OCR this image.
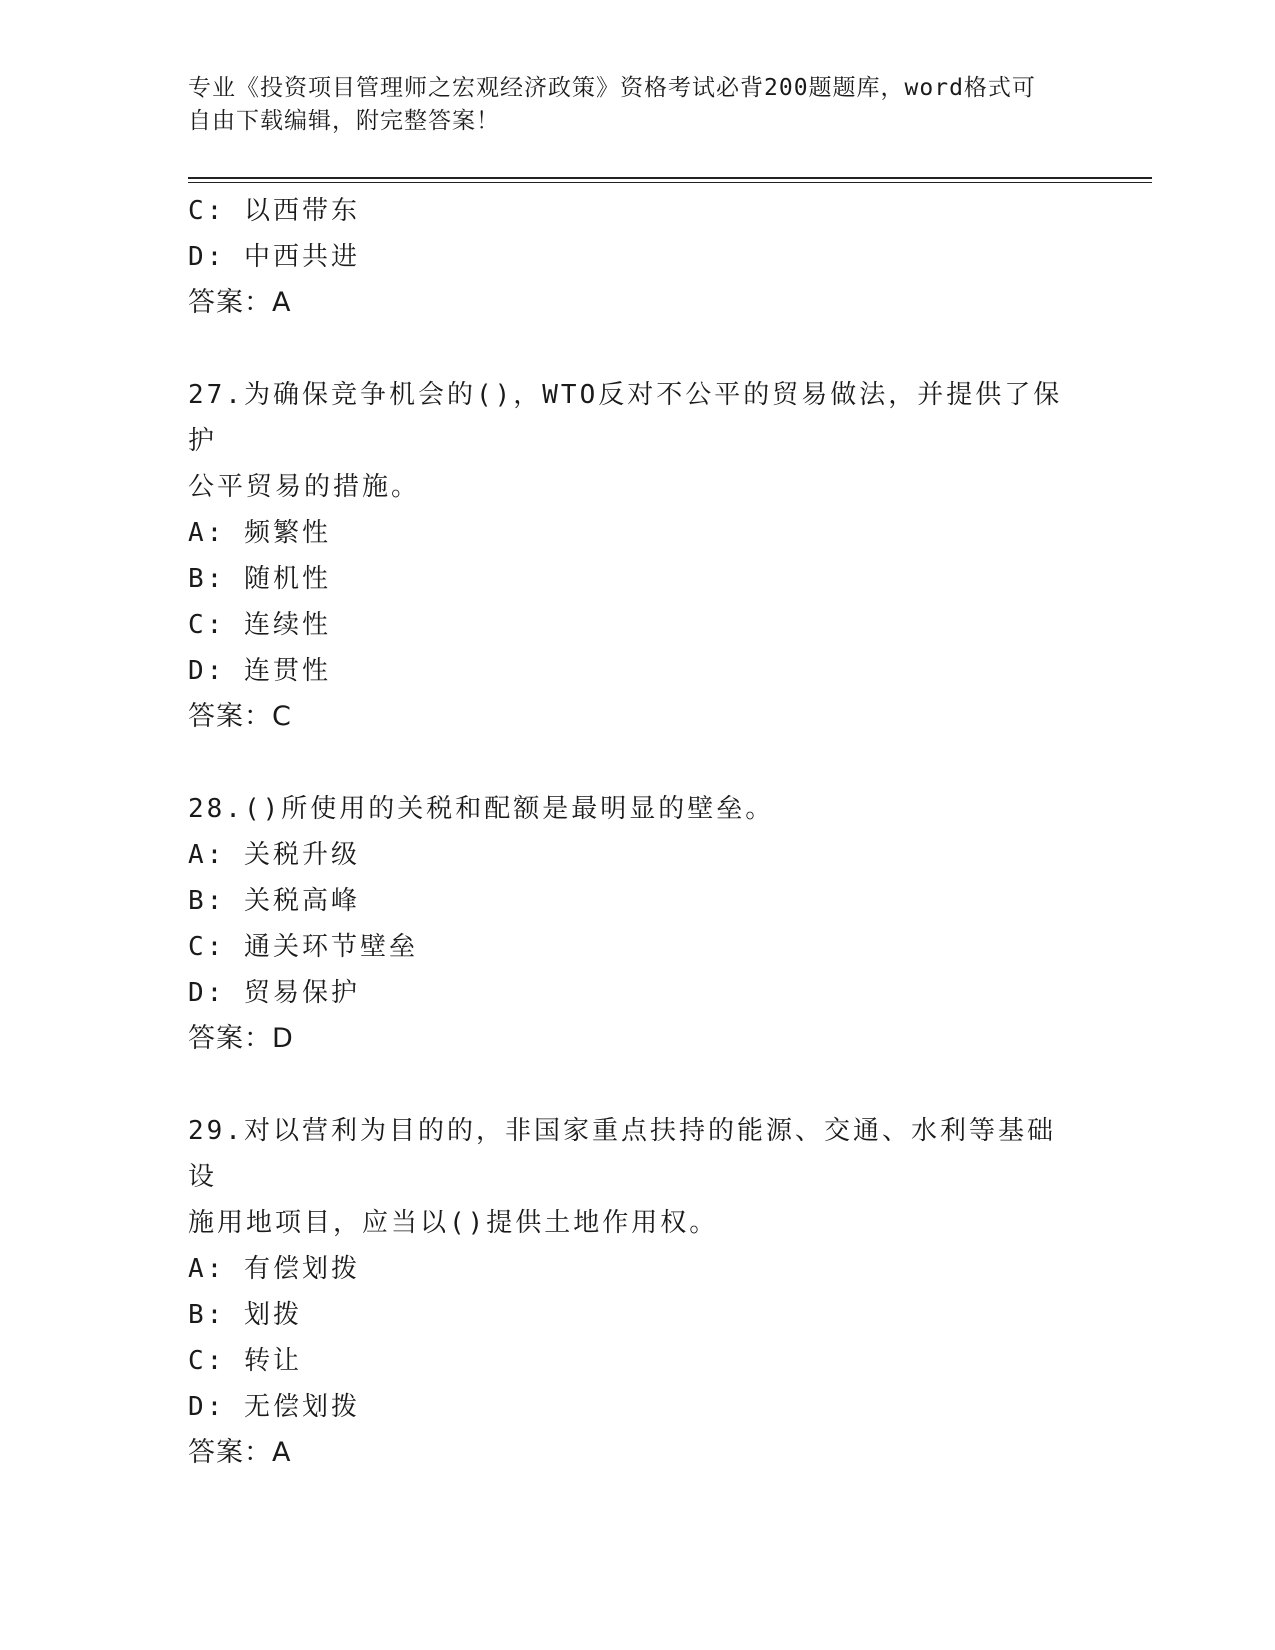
专业《投资项目管理师之宏观经济政策》资格考试必背200题题库，word格式可
自由下载编辑，附完整答案！
C: 以西带东
D: 中西共进
答案：A
27.为确保竞争机会的()，WTO反对不公平的贸易做法，并提供了保护
公平贸易的措施。
A: 频繁性
B: 随机性
C: 连续性
D: 连贯性
答案：C
28.()所使用的关税和配额是最明显的壁垒。
A: 关税升级
B: 关税高峰
C: 通关环节壁垒
D: 贸易保护
答案：D
29.对以营利为目的的，非国家重点扶持的能源、交通、水利等基础设
施用地项目，应当以()提供土地作用权。
A: 有偿划拨
B: 划拨
C: 转让
D: 无偿划拨
答案：A
